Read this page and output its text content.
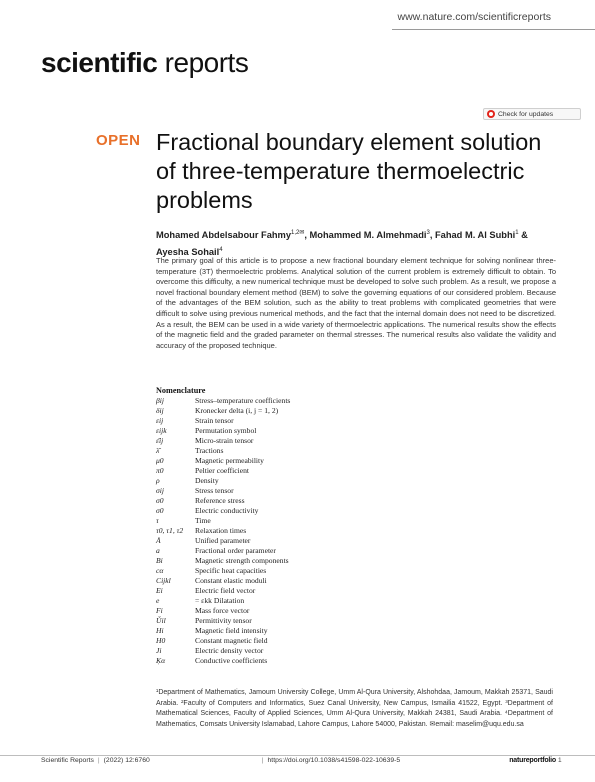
www.nature.com/scientificreports
scientific reports
Check for updates
OPEN Fractional boundary element solution of three-temperature thermoelectric problems
Mohamed Abdelsabour Fahmy$^{1,2✉}$, Mohammed M. Almehmadi$^3$, Fahad M. Al Subhi$^1$ &
Ayesha Sohail$^4$
The primary goal of this article is to propose a new fractional boundary element technique for solving nonlinear three-temperature (3T) thermoelectric problems. Analytical solution of the current problem is extremely difficult to obtain. To overcome this difficulty, a new numerical technique must be developed to solve such problem. As a result, we propose a novel fractional boundary element method (BEM) to solve the governing equations of our considered problem. Because of the advantages of the BEM solution, such as the ability to treat problems with complicated geometries that were difficult to solve using previous numerical methods, and the fact that the internal domain does not need to be discretized. As a result, the BEM can be used in a wide variety of thermoelectric applications. The numerical results show the effects of the magnetic field and the graded parameter on thermal stresses. The numerical results also validate the validity and accuracy of the proposed technique.
Nomenclature
βij	Stress–temperature coefficients
δij	Kronecker delta (i, j = 1, 2)
εij	Strain tensor
εijk	Permutation symbol
ε̄ij	Micro-strain tensor
λ̄	Tractions
μ0	Magnetic permeability
π0	Peltier coefficient
ρ	Density
σij	Stress tensor
σ0	Reference stress
σ0	Electric conductivity
τ	Time
τ0, τ1, τ2	Relaxation times
Å	Unified parameter
a	Fractional order parameter
Bi	Magnetic strength components
cα	Specific heat capacities
Cijkl	Constant elastic moduli
Ei	Electric field vector
e	= εkk Dilatation
Fi	Mass force vector
Ǔil	Permittivity tensor
Hi	Magnetic field intensity
H0	Constant magnetic field
Ji	Electric density vector
Ḳα	Conductive coefficients
¹Department of Mathematics, Jamoum University College, Umm Al-Qura University, Alshohdaa, Jamoum, Makkah 25371, Saudi Arabia. ²Faculty of Computers and Informatics, Suez Canal University, New Campus, Ismailia 41522, Egypt. ³Department of Mathematical Sciences, Faculty of Applied Sciences, Umm Al-Qura University, Makkah 24381, Saudi Arabia. ⁴Department of Mathematics, Comsats University Islamabad, Lahore Campus, Lahore 54000, Pakistan. ✉email: maselim@uqu.edu.sa
Scientific Reports | (2022) 12:6760	| https://doi.org/10.1038/s41598-022-10639-5	natureportfolio 1
